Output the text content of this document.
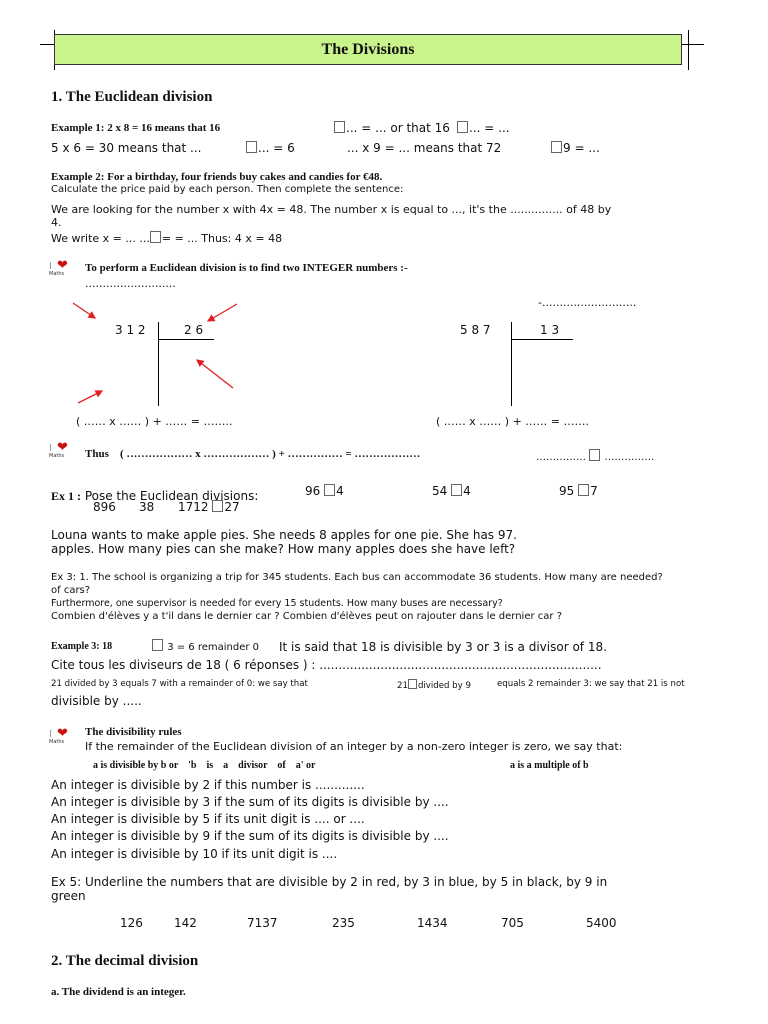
The Divisions
1. The Euclidean division
Example 1: 2 x 8 = 16 means that 16	... = ... or that 16	... = ...
5 x 6 = 30 means that ...	... = 6	... x 9 = ... means that 72	9 = ...
Example 2: For a birthday, four friends buy cakes and candies for €48.
Calculate the price paid by each person. Then complete the sentence:
We are looking for the number x with 4x = 48. The number x is equal to ..., it's the ............... of 48 by
4.
We write x = ... ... = = ... Thus: 4 x = 48
❤
Maths To perform a Euclidean division is to find two INTEGER numbers :-
..........................
-...........................
3 1 2	2 6
( …… x …… ) + …… = ……..
5 8 7	1 3
( …… x …… ) + …… = …….
❤
Maths Thus ( ……………… x ……………… ) + …………… = ………………	…………… ……………
Ex 1 : Pose the Euclidean divisions:
896 38 1712 27
96 4	54 4	95 7
Louna wants to make apple pies. She needs 8 apples for one pie. She has 97.
apples. How many pies can she make? How many apples does she have left?
Ex 3: 1. The school is organizing a trip for 345 students. Each bus can accommodate 36 students. How many are needed?
of cars?
Furthermore, one supervisor is needed for every 15 students. How many buses are necessary?
Combien d'élèves y a t'il dans le dernier car ? Combien d'élèves peut on rajouter dans le dernier car ?
Example 3: 18	3 = 6 remainder 0 It is said that 18 is divisible by 3 or 3 is a divisor of 18.
Cite tous les diviseurs de 18 ( 6 réponses ) : ..........................................................................
21 divided by 3 equals 7 with a remainder of 0: we say that	21 divided by 9	equals 2 remainder 3: we say that 21 is not
divisible by .....
❤
Maths
The divisibility rules
If the remainder of the Euclidean division of an integer by a non-zero integer is zero, we say that:
a is divisible by b or    'b    is    a    divisor    of    a' or	a is a multiple of b
An integer is divisible by 2 if this number is .............
An integer is divisible by 3 if the sum of its digits is divisible by ....
An integer is divisible by 5 if its unit digit is .... or ....
An integer is divisible by 9 if the sum of its digits is divisible by ....
An integer is divisible by 10 if its unit digit is ....
Ex 5: Underline the numbers that are divisible by 2 in red, by 3 in blue, by 5 in black, by 9 in
green
126	142	7137	235	1434	705	5400
2. The decimal division
a. The dividend is an integer.
